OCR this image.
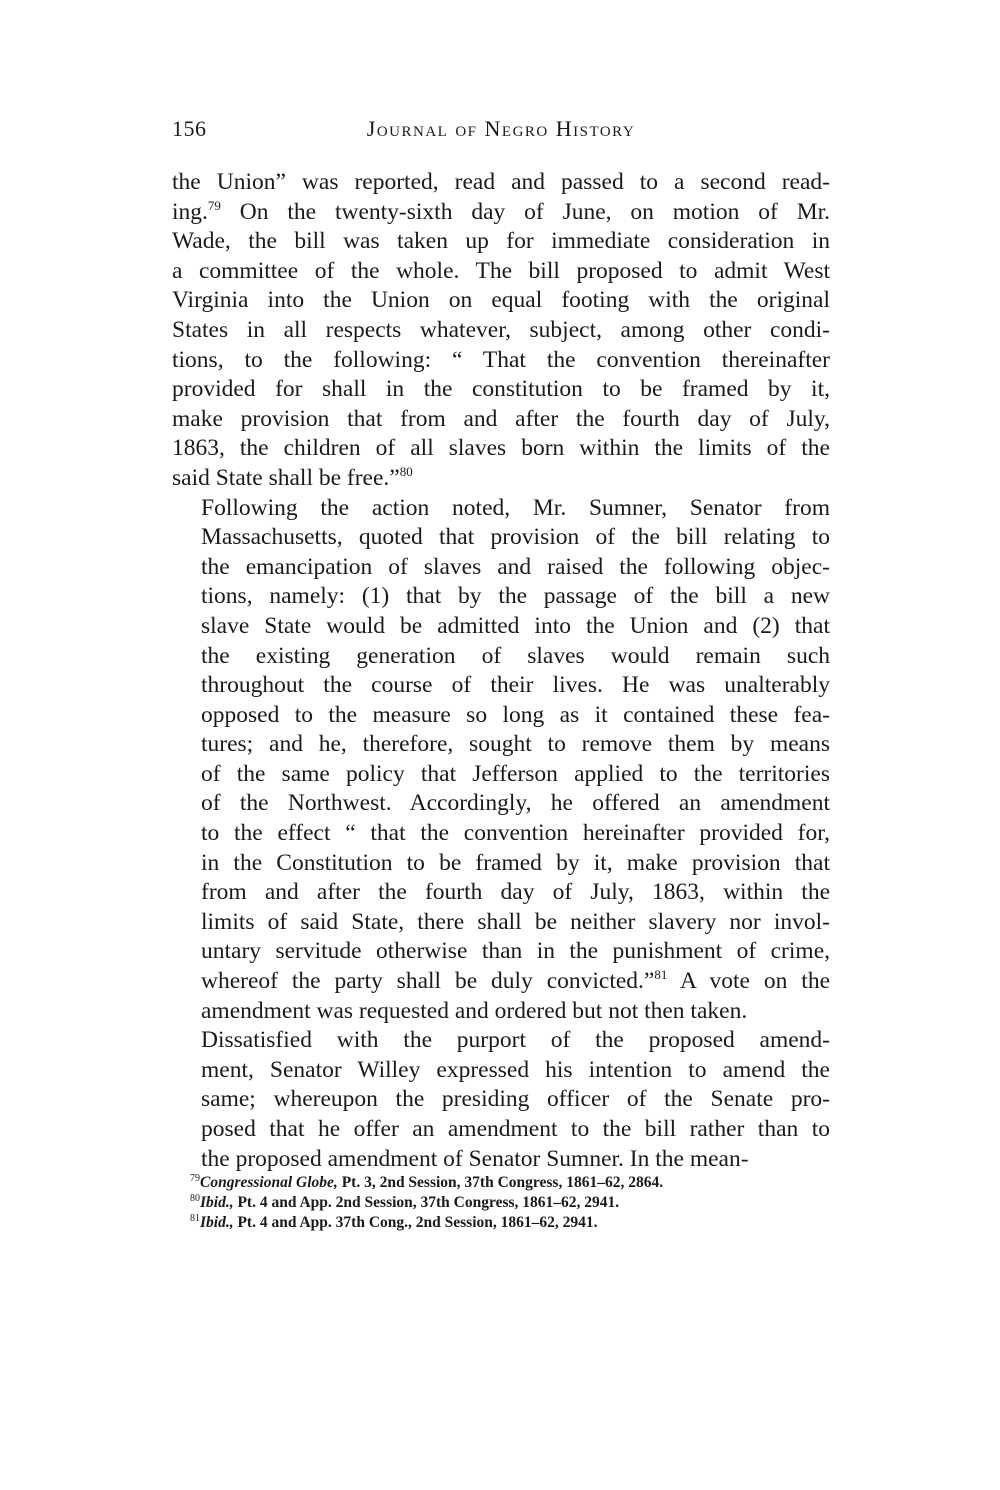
156	Journal of Negro History

the Union” was reported, read and passed to a second read-
ing.$^{79}$ On the twenty-sixth day of June, on motion of Mr.
Wade, the bill was taken up for immediate consideration in
a committee of the whole. The bill proposed to admit West
Virginia into the Union on equal footing with the original
States in all respects whatever, subject, among other condi-
tions, to the following: “ That the convention thereinafter
provided for shall in the constitution to be framed by it,
make provision that from and after the fourth day of July,
1863, the children of all slaves born within the limits of the
said State shall be free.”$^{80}$

Following the action noted, Mr. Sumner, Senator from
Massachusetts, quoted that provision of the bill relating to
the emancipation of slaves and raised the following objec-
tions, namely: (1) that by the passage of the bill a new
slave State would be admitted into the Union and (2) that
the existing generation of slaves would remain such
throughout the course of their lives. He was unalterably
opposed to the measure so long as it contained these fea-
tures; and he, therefore, sought to remove them by means
of the same policy that Jefferson applied to the territories
of the Northwest. Accordingly, he offered an amendment
to the effect “ that the convention hereinafter provided for,
in the Constitution to be framed by it, make provision that
from and after the fourth day of July, 1863, within the
limits of said State, there shall be neither slavery nor invol-
untary servitude otherwise than in the punishment of crime,
whereof the party shall be duly convicted.”$^{81}$ A vote on the
amendment was requested and ordered but not then taken.

Dissatisfied with the purport of the proposed amend-
ment, Senator Willey expressed his intention to amend the
same; whereupon the presiding officer of the Senate pro-
posed that he offer an amendment to the bill rather than to
the proposed amendment of Senator Sumner. In the mean-

$^{79}$Congressional Globe, Pt. 3, 2nd Session, 37th Congress, 1861–62, 2864.
$^{80}$Ibid., Pt. 4 and App. 2nd Session, 37th Congress, 1861–62, 2941.
$^{81}$Ibid., Pt. 4 and App. 37th Cong., 2nd Session, 1861–62, 2941.
